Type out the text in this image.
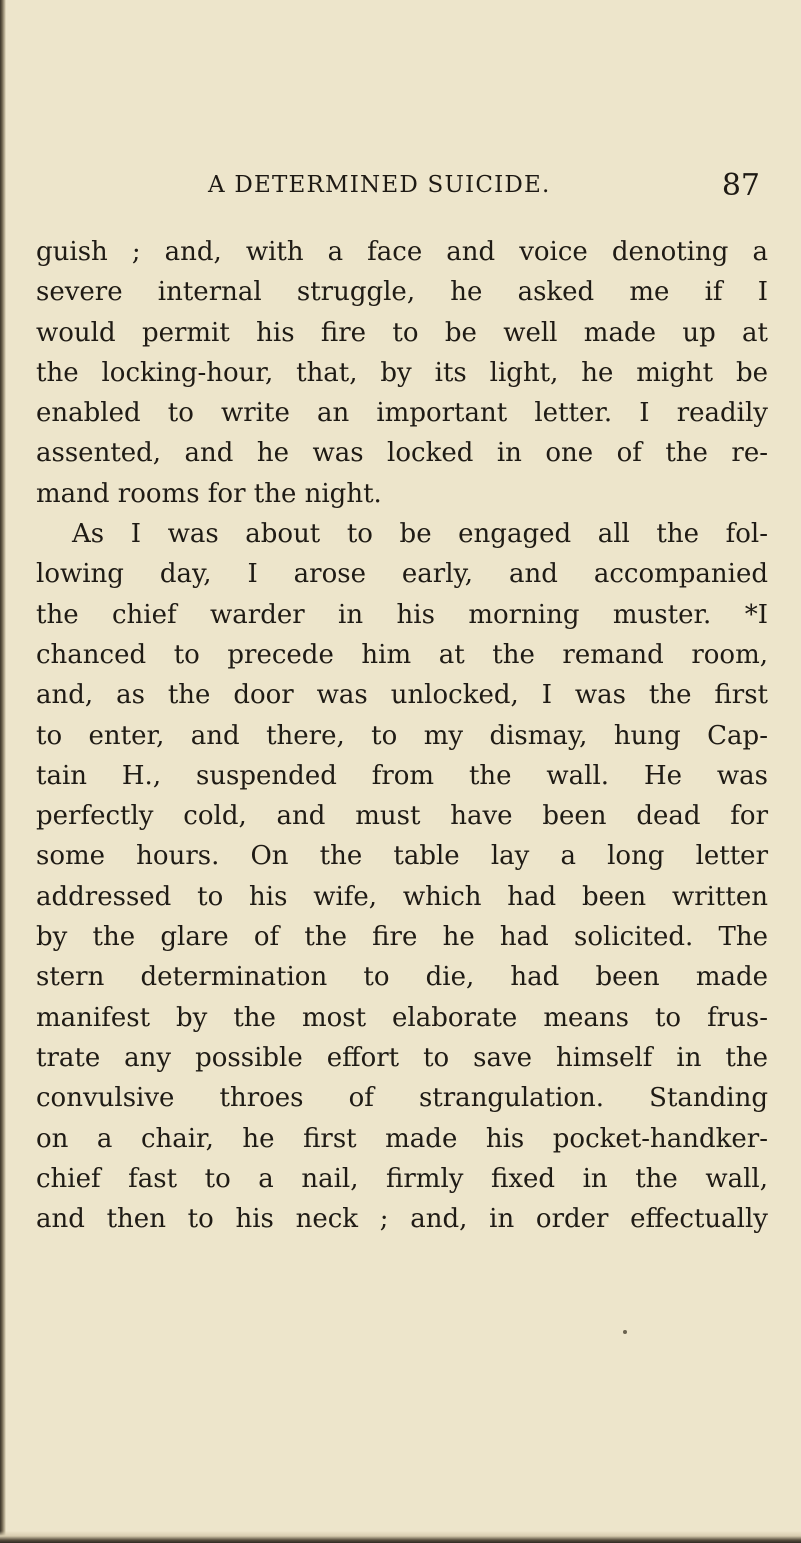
A DETERMINED SUICIDE.	87
guish ; and, with a face and voice denoting a
severe internal struggle, he asked me if I
would permit his fire to be well made up at
the locking-hour, that, by its light, he might be
enabled to write an important letter. I readily
assented, and he was locked in one of the re-
mand rooms for the night.
As I was about to be engaged all the fol-
lowing day, I arose early, and accompanied
the chief warder in his morning muster. *I
chanced to precede him at the remand room,
and, as the door was unlocked, I was the first
to enter, and there, to my dismay, hung Cap-
tain H., suspended from the wall. He was
perfectly cold, and must have been dead for
some hours. On the table lay a long letter
addressed to his wife, which had been written
by the glare of the fire he had solicited. The
stern determination to die, had been made
manifest by the most elaborate means to frus-
trate any possible effort to save himself in the
convulsive throes of strangulation. Standing
on a chair, he first made his pocket-handker-
chief fast to a nail, firmly fixed in the wall,
and then to his neck ; and, in order effectually
